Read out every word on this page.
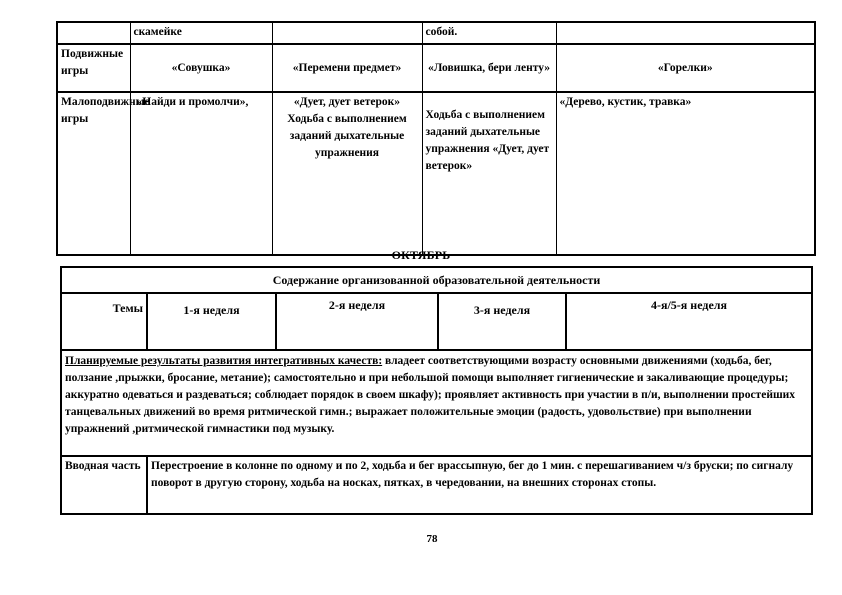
	скамейке		собой.	
Подвижные игры	«Совушка»	«Перемени предмет»	«Ловишка, бери ленту»	«Горелки»
Малоподвижные игры	«Найди и промолчи»,	«Дует, дует ветерок» Ходьба с выполнением заданий дыхательные упражнения	Ходьба с выполнением заданий дыхательные упражнения «Дует, дует ветерок»	«Дерево, кустик, травка»
ОКТЯБРЬ
Содержание организованной образовательной деятельности				
Темы	1-я неделя	2-я неделя	3-я неделя	4-я/5-я неделя
Планируемые результаты развития интегративных качеств: владеет соответствующими возрасту основными движениями (ходьба, бег, ползание ,прыжки, бросание, метание); самостоятельно и при небольшой помощи выполняет гигиенические и закаливающие процедуры; аккуратно одеваться и раздеваться; соблюдает порядок в своем шкафу); проявляет активность при участии в п/и, выполнении простейших танцевальных движений во время ритмической гимн.; выражает положительные эмоции (радость, удовольствие) при выполнении упражнений ,ритмической гимнастики под музыку.				
Вводная часть	Перестроение в колонне по одному и по 2, ходьба и бег врассыпную, бег до 1 мин. с перешагиванием ч/з бруски; по сигналу поворот в другую сторону, ходьба на носках, пятках, в чередовании, на внешних сторонах стопы.			
78
